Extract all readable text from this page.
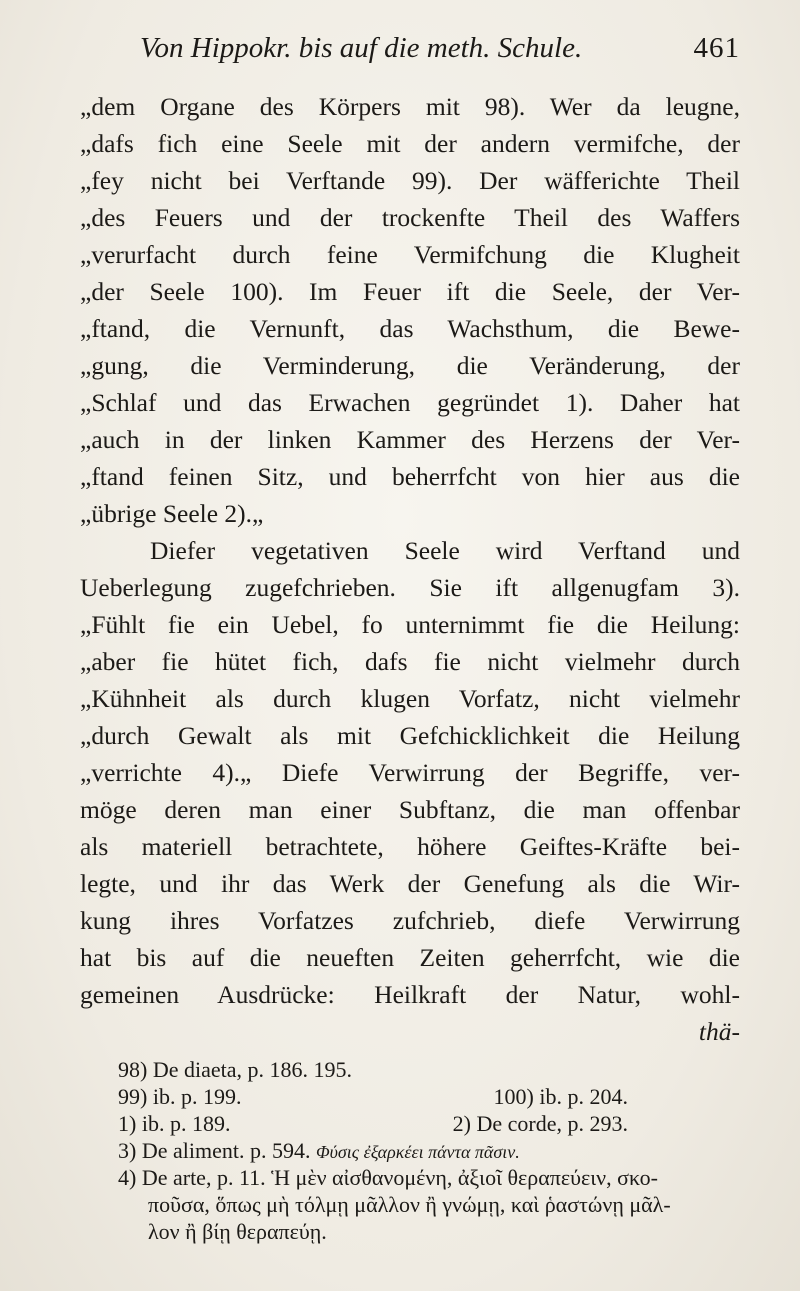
Von Hippokr. bis auf die meth. Schule.	461
„dem Organe des Körpers mit 98). Wer da leugne,
„dafs fich eine Seele mit der andern vermifche, der
„fey nicht bei Verftande 99). Der wäfferichte Theil
„des Feuers und der trockenfte Theil des Waffers
„verurfacht durch feine Vermifchung die Klugheit
„der Seele 100). Im Feuer ift die Seele, der Ver-
„ftand, die Vernunft, das Wachsthum, die Bewe-
„gung, die Verminderung, die Veränderung, der
„Schlaf und das Erwachen gegründet 1). Daher hat
„auch in der linken Kammer des Herzens der Ver-
„ftand feinen Sitz, und beherrfcht von hier aus die
„übrige Seele 2).„
Diefer vegetativen Seele wird Verftand und
Ueberlegung zugefchrieben. Sie ift allgenugfam 3).
„Fühlt fie ein Uebel, fo unternimmt fie die Heilung:
„aber fie hütet fich, dafs fie nicht vielmehr durch
„Kühnheit als durch klugen Vorfatz, nicht vielmehr
„durch Gewalt als mit Gefchicklichkeit die Heilung
„verrichte 4).„ Diefe Verwirrung der Begriffe, ver-
möge deren man einer Subftanz, die man offenbar
als materiell betrachtete, höhere Geiftes-Kräfte bei-
legte, und ihr das Werk der Genefung als die Wir-
kung ihres Vorfatzes zufchrieb, diefe Verwirrung
hat bis auf die neueften Zeiten geherrfcht, wie die
gemeinen Ausdrücke: Heilkraft der Natur, wohl-
thä-
98) De diaeta, p. 186. 195.
99) ib. p. 199.	100) ib. p. 204.
1) ib. p. 189.	2) De corde, p. 293.
3) De aliment. p. 594. Φύσις ἐξαρκέει πάντα πᾶσιν.
4) De arte, p. 11. Ἡ μὲν αἰσθανομένη, ἀξιοῖ θεραπεύειν, σκο-
ποῦσα, ὅπως μὴ τόλμῃ μᾶλλον ἢ γνώμῃ, καὶ ῥαστώνῃ μᾶλ-
λον ἢ βίῃ θεραπεύῃ.
